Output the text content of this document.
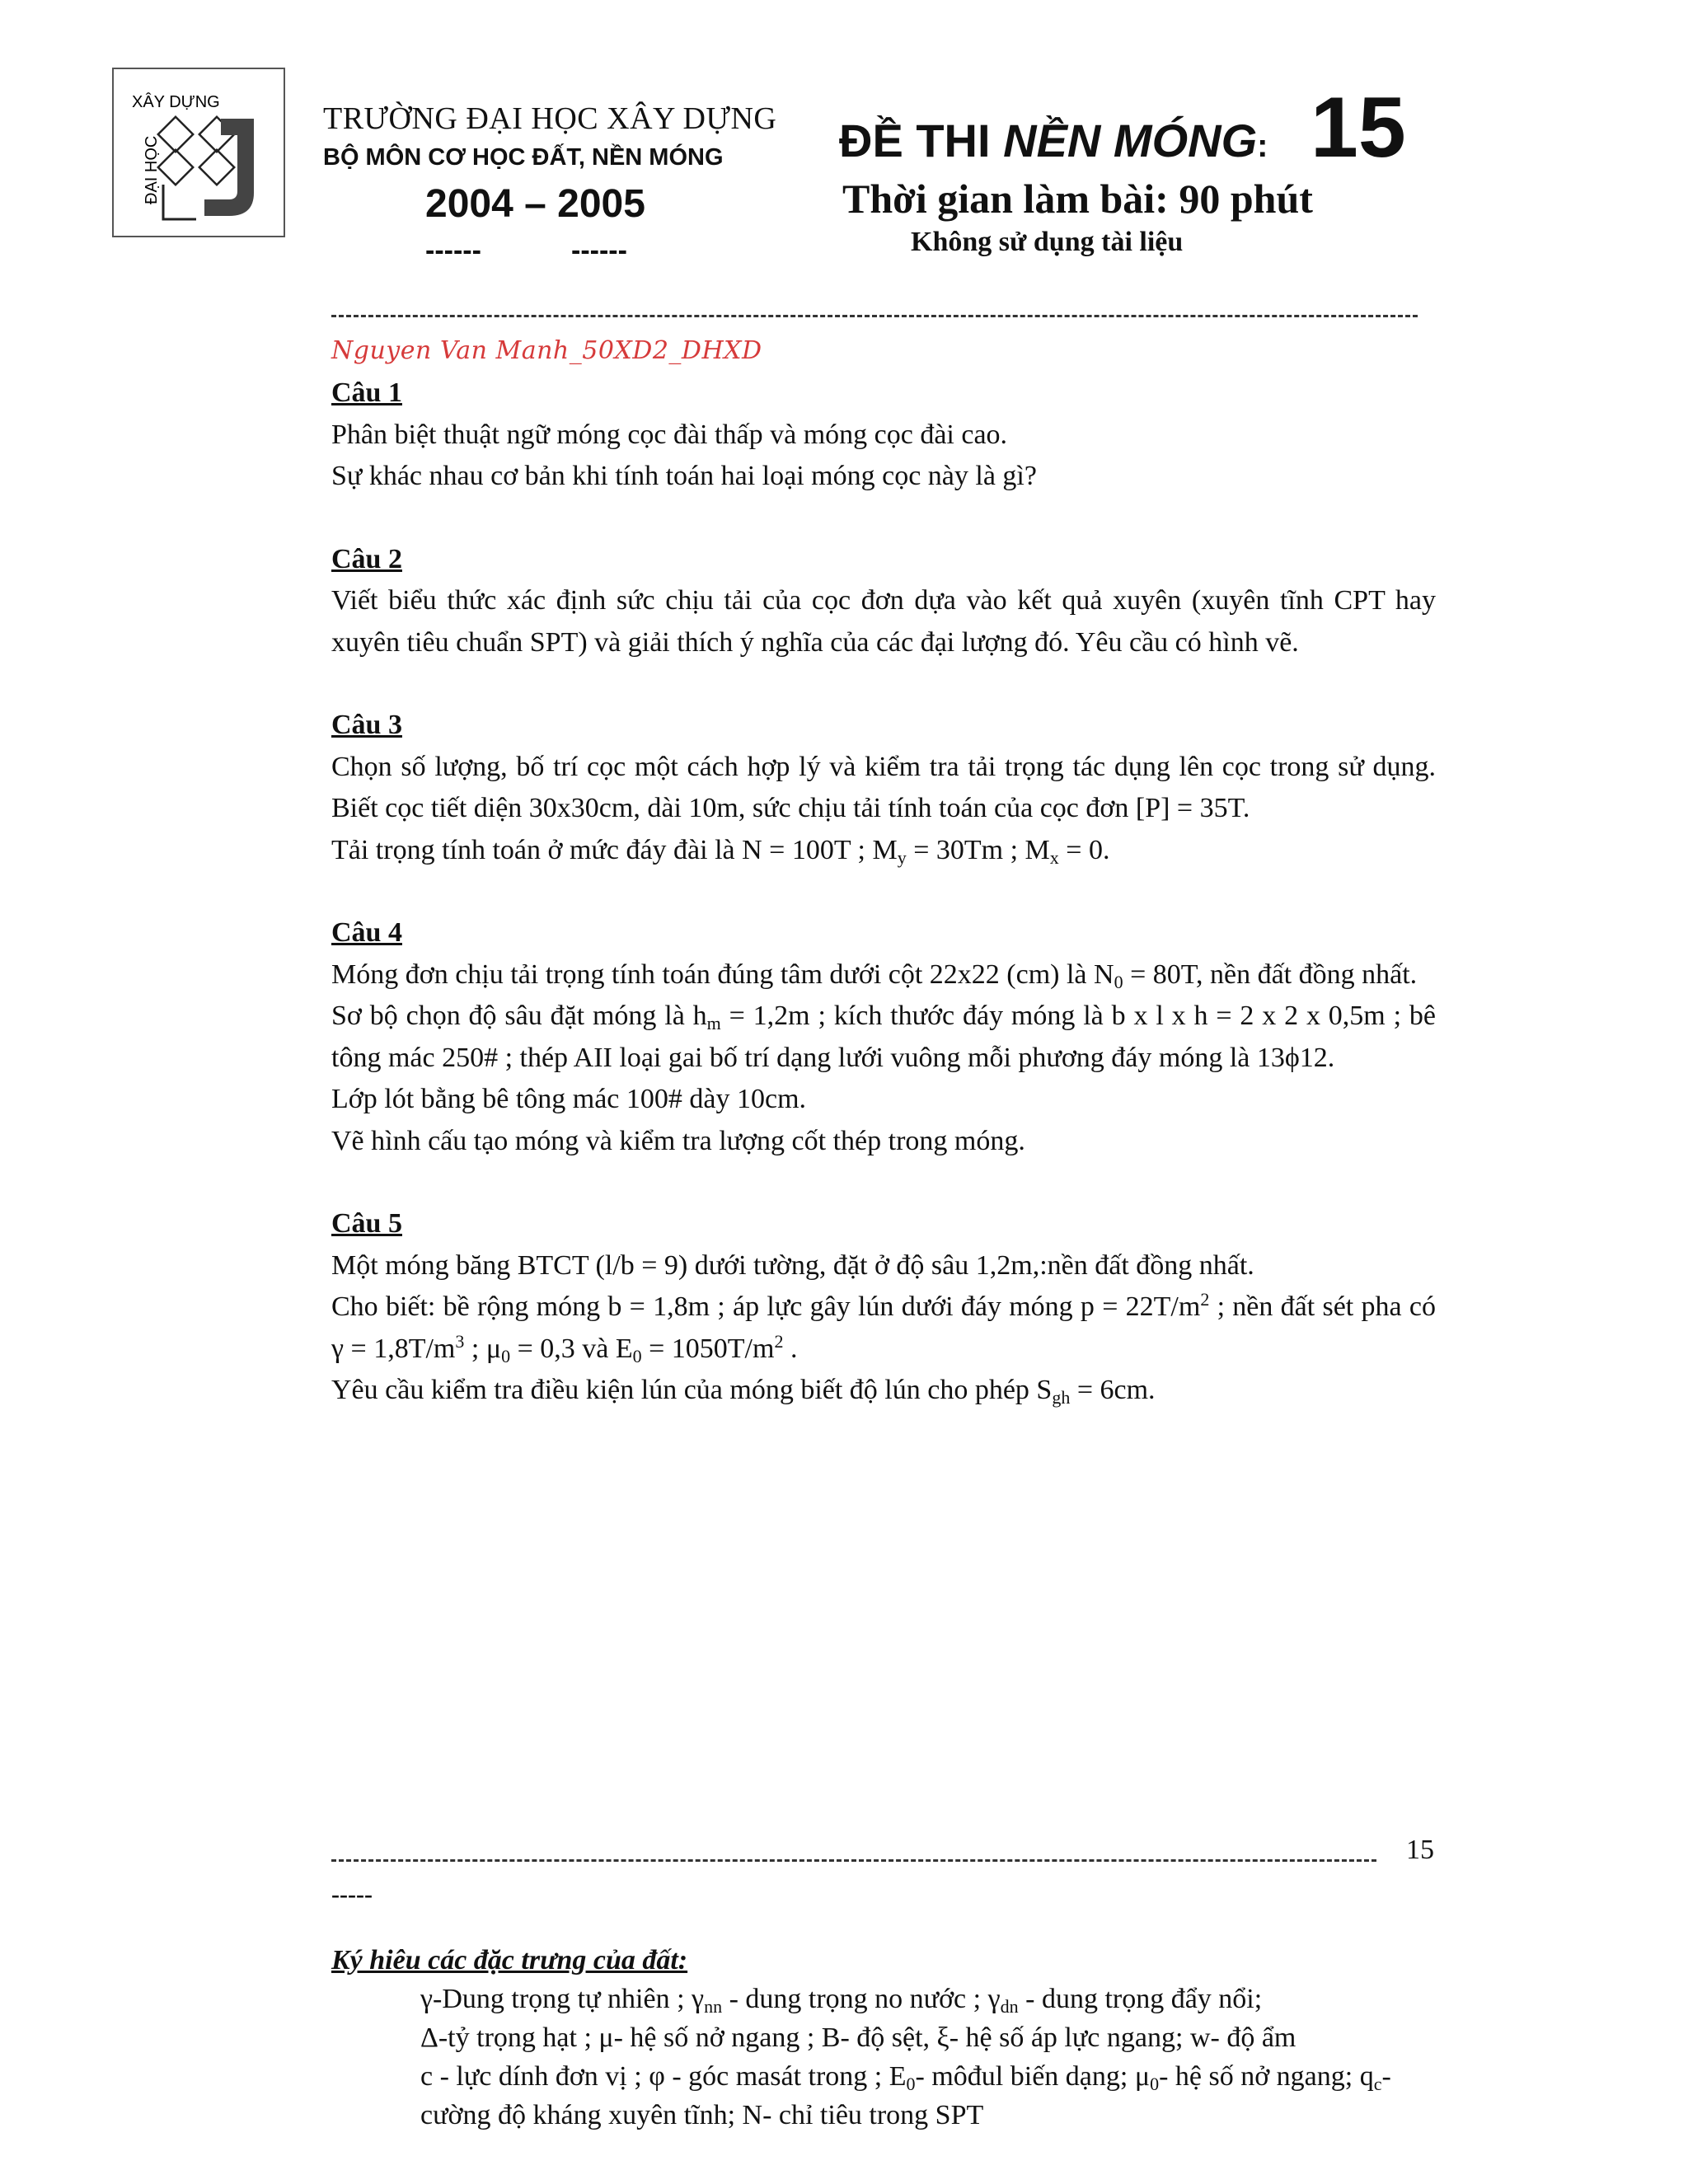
XÂY DỰNG
ĐẠI HỌC
TRƯỜNG ĐẠI HỌC XÂY DỰNG
BỘ MÔN CƠ HỌC ĐẤT, NỀN MÓNG
2004 – 2005
------	------
ĐỀ THI NỀN MÓNG: 15
Thời gian làm bài: 90 phút
Không sử dụng tài liệu
Nguyen Van Manh_50XD2_DHXD

Câu 1

Phân biệt thuật ngữ móng cọc đài thấp và móng cọc đài cao.

Sự khác nhau cơ bản khi tính toán hai loại móng cọc này là gì?

Câu 2

Viết biểu thức xác định sức chịu tải của cọc đơn dựa vào kết quả xuyên (xuyên tĩnh CPT hay xuyên tiêu chuẩn SPT) và giải thích ý nghĩa của các đại lượng đó. Yêu cầu có hình vẽ.

Câu 3

Chọn số lượng, bố trí cọc một cách hợp lý và kiểm tra tải trọng tác dụng lên cọc trong sử dụng. Biết cọc tiết diện 30x30cm, dài 10m, sức chịu tải tính toán của cọc đơn [P] = 35T.

Tải trọng tính toán ở mức đáy đài là N = 100T ; $M_y = 30Tm$ ; $M_x = 0$.

Câu 4

Móng đơn chịu tải trọng tính toán đúng tâm dưới cột 22x22 (cm) là $N_0 = 80T$, nền đất đồng nhất.

Sơ bộ chọn độ sâu đặt móng là $h_m = 1,2m$ ; kích thước đáy móng là b x l x h = 2 x 2 x 0,5m ; bê tông mác 250# ; thép AII loại gai bố trí dạng lưới vuông mỗi phương đáy móng là 13ϕ12.

Lớp lót bằng bê tông mác 100# dày 10cm.

Vẽ hình cấu tạo móng và kiểm tra lượng cốt thép trong móng.

Câu 5

Một móng băng BTCT (l/b = 9) dưới tường, đặt ở độ sâu 1,2m,:nền đất đồng nhất.

Cho biết: bề rộng móng b = 1,8m ; áp lực gây lún dưới đáy móng $p = 22T/m^2$ ; nền đất sét pha có $\gamma = 1,8T/m^3$ ; $\mu_0 = 0,3$ và $E_0 = 1050T/m^2$ .

Yêu cầu kiểm tra điều kiện lún của móng biết độ lún cho phép $S_{gh} = 6cm$.

15
-----
Ký hiêu các đặc trưng của đất:

γ-Dung trọng tự nhiên ; $\gamma_{nn}$ - dung trọng no nước ; $\gamma_{dn}$ - dung trọng đẩy nổi;

Δ-tỷ trọng hạt ; μ- hệ số nở ngang ; B- độ sệt, ξ- hệ số áp lực ngang; w- độ ẩm

c - lực dính đơn vị ; φ - góc masát trong ; $E_0-$ môđul biến dạng; $\mu_0-$ hệ số nở ngang; $q_c-$ cường độ kháng xuyên tĩnh; N- chỉ tiêu trong SPT
